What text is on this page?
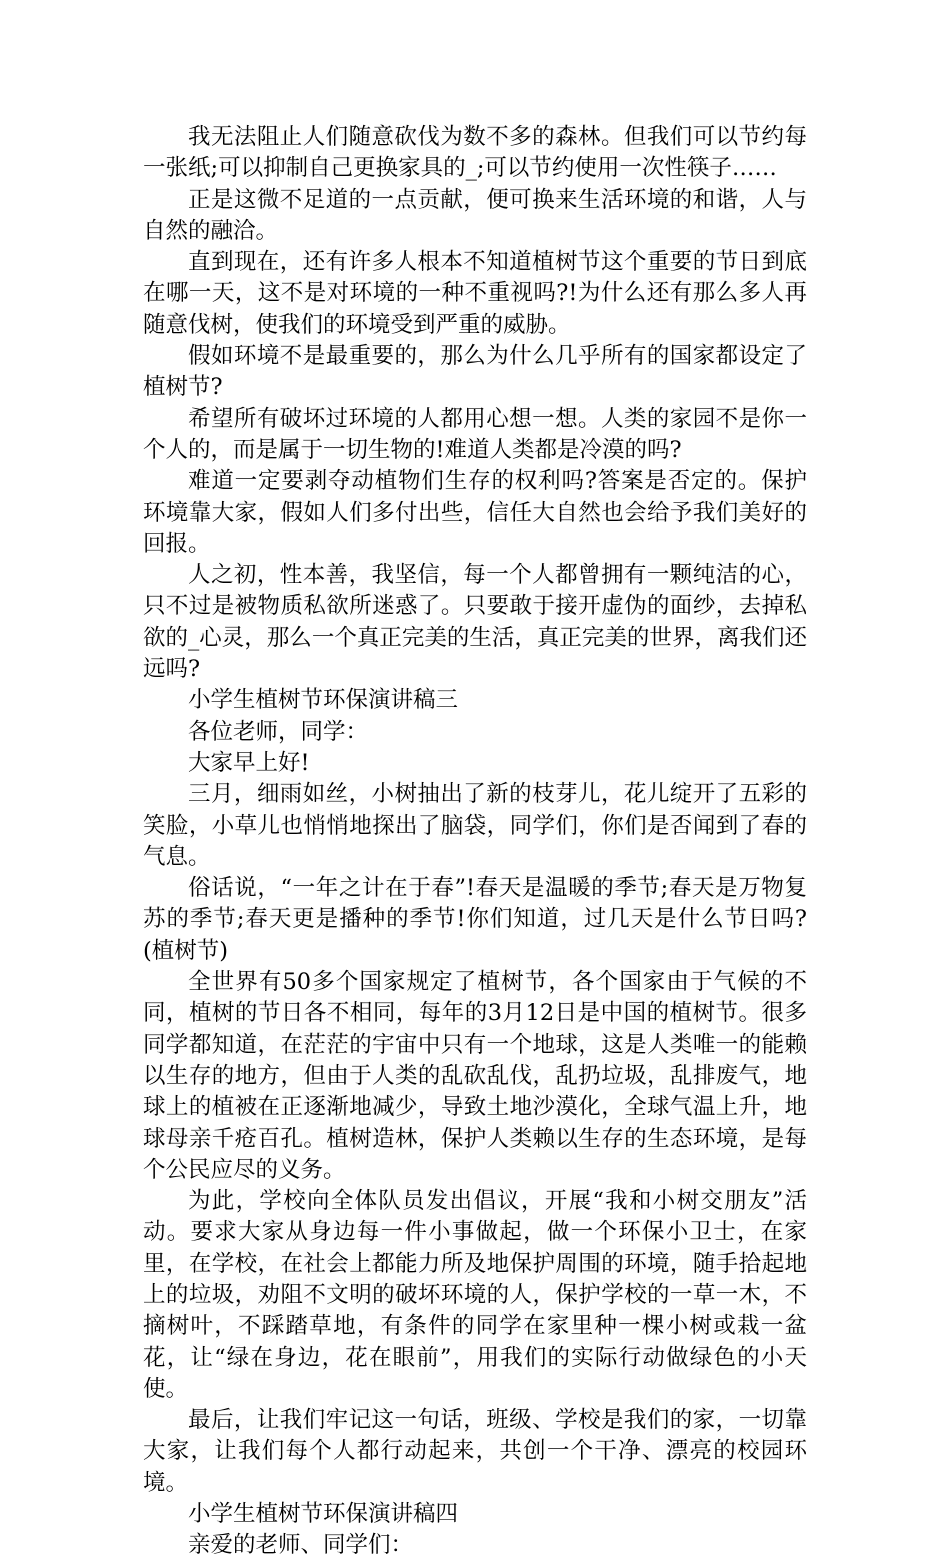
我无法阻止人们随意砍伐为数不多的森林。但我们可以节约每一张纸;可以抑制自己更换家具的_;可以节约使用一次性筷子……

正是这微不足道的一点贡献，便可换来生活环境的和谐，人与自然的融洽。

直到现在，还有许多人根本不知道植树节这个重要的节日到底在哪一天，这不是对环境的一种不重视吗?!为什么还有那么多人再随意伐树，使我们的环境受到严重的威胁。

假如环境不是最重要的，那么为什么几乎所有的国家都设定了植树节?

希望所有破坏过环境的人都用心想一想。人类的家园不是你一个人的，而是属于一切生物的!难道人类都是冷漠的吗?

难道一定要剥夺动植物们生存的权利吗?答案是否定的。保护环境靠大家，假如人们多付出些，信任大自然也会给予我们美好的回报。

人之初，性本善，我坚信，每一个人都曾拥有一颗纯洁的心，只不过是被物质私欲所迷惑了。只要敢于接开虚伪的面纱，去掉私欲的_心灵，那么一个真正完美的生活，真正完美的世界，离我们还远吗?

小学生植树节环保演讲稿三

各位老师，同学：

大家早上好!

三月，细雨如丝，小树抽出了新的枝芽儿，花儿绽开了五彩的笑脸，小草儿也悄悄地探出了脑袋，同学们，你们是否闻到了春的气息。

俗话说，“一年之计在于春”!春天是温暖的季节;春天是万物复苏的季节;春天更是播种的季节!你们知道，过几天是什么节日吗?(植树节)

全世界有50多个国家规定了植树节，各个国家由于气候的不同，植树的节日各不相同，每年的3月12日是中国的植树节。很多同学都知道，在茫茫的宇宙中只有一个地球，这是人类唯一的能赖以生存的地方，但由于人类的乱砍乱伐，乱扔垃圾，乱排废气，地球上的植被在正逐渐地减少，导致土地沙漠化，全球气温上升，地球母亲千疮百孔。植树造林，保护人类赖以生存的生态环境，是每个公民应尽的义务。

为此，学校向全体队员发出倡议，开展“我和小树交朋友”活动。要求大家从身边每一件小事做起，做一个环保小卫士，在家里，在学校，在社会上都能力所及地保护周围的环境，随手拾起地上的垃圾，劝阻不文明的破坏环境的人，保护学校的一草一木，不摘树叶，不踩踏草地，有条件的同学在家里种一棵小树或栽一盆花，让“绿在身边，花在眼前”，用我们的实际行动做绿色的小天使。

最后，让我们牢记这一句话，班级、学校是我们的家，一切靠大家，让我们每个人都行动起来，共创一个干净、漂亮的校园环境。

小学生植树节环保演讲稿四

亲爱的老师、同学们：
